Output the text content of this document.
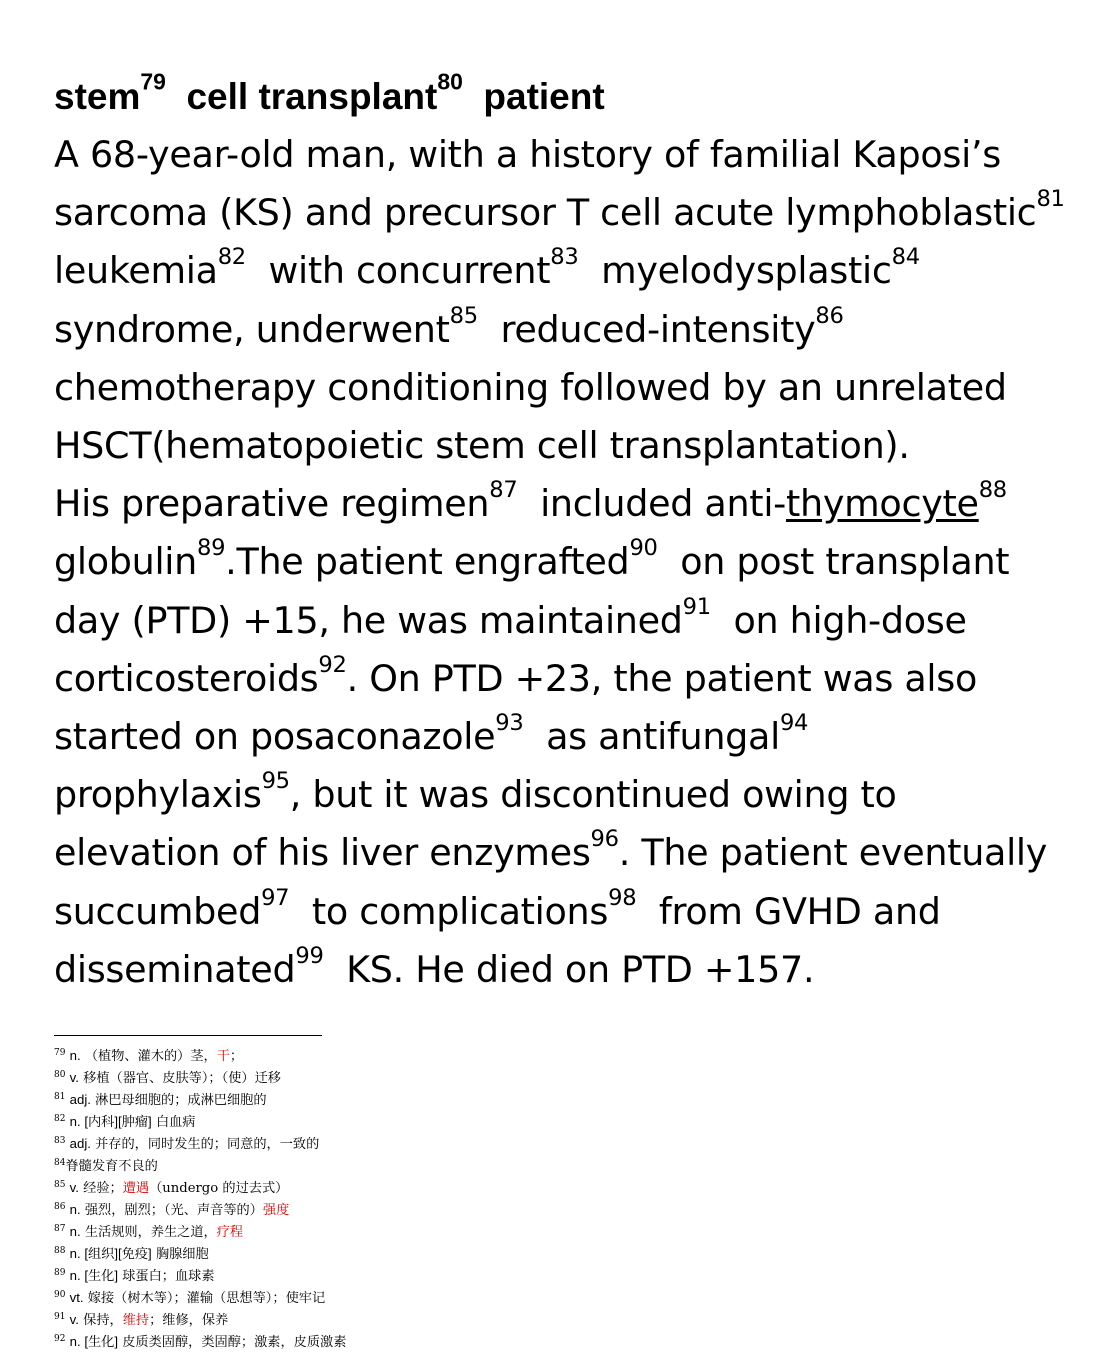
stem$^{79}$ cell transplant$^{80}$ patient
A 68-year-old man, with a history of familial Kaposi’s
sarcoma (KS) and precursor T cell acute lymphoblastic$^{81}$
leukemia$^{82}$ with concurrent$^{83}$ myelodysplastic$^{84}$
syndrome, underwent$^{85}$ reduced-intensity$^{86}$
chemotherapy conditioning followed by an unrelated
HSCT(hematopoietic stem cell transplantation).
His preparative regimen$^{87}$ included anti-thymocyte$^{88}$
globulin$^{89}$.The patient engrafted$^{90}$ on post transplant
day (PTD) +15, he was maintained$^{91}$ on high-dose
corticosteroids$^{92}$. On PTD +23, the patient was also
started on posaconazole$^{93}$ as antifungal$^{94}$
prophylaxis$^{95}$, but it was discontinued owing to
elevation of his liver enzymes$^{96}$. The patient eventually
succumbed$^{97}$ to complications$^{98}$ from GVHD and
disseminated$^{99}$ KS. He died on PTD +157.
$^{79}$ n. （植物、灌木的）茎，干；
$^{80}$ v. 移植（器官、皮肤等）；（使）迁移
$^{81}$ adj. 淋巴母细胞的；成淋巴细胞的
$^{82}$ n. [内科][肿瘤] 白血病
$^{83}$ adj. 并存的，同时发生的；同意的，一致的
$^{84}$脊髓发育不良的
$^{85}$ v. 经验；遭遇（undergo 的过去式）
$^{86}$ n. 强烈，剧烈；（光、声音等的）强度
$^{87}$ n. 生活规则，养生之道，疗程
$^{88}$ n. [组织][免疫] 胸腺细胞
$^{89}$ n. [生化] 球蛋白；血球素
$^{90}$ vt. 嫁接（树木等）；灌输（思想等）；使牢记
$^{91}$ v. 保持，维持；维修，保养
$^{92}$ n. [生化] 皮质类固醇，类固醇；激素，皮质激素
